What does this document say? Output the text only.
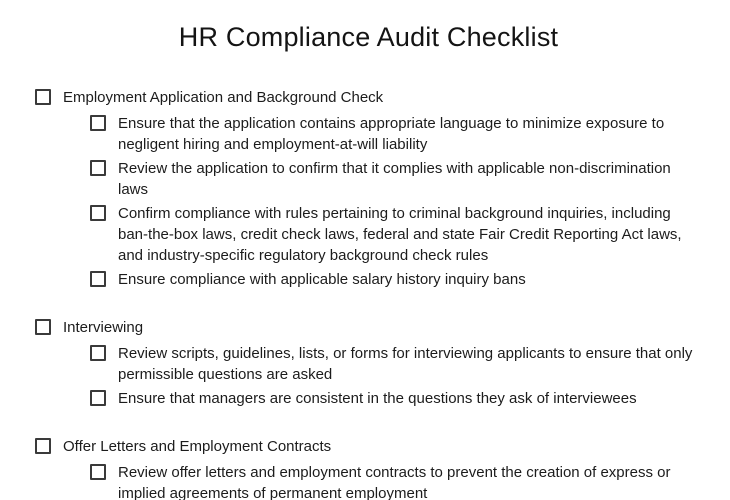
HR Compliance Audit Checklist
Employment Application and Background Check
Ensure that the application contains appropriate language to minimize exposure to negligent hiring and employment-at-will liability
Review the application to confirm that it complies with applicable non-discrimination laws
Confirm compliance with rules pertaining to criminal background inquiries, including ban-the-box laws, credit check laws, federal and state Fair Credit Reporting Act laws, and industry-specific regulatory background check rules
Ensure compliance with applicable salary history inquiry bans
Interviewing
Review scripts, guidelines, lists, or forms for interviewing applicants to ensure that only permissible questions are asked
Ensure that managers are consistent in the questions they ask of interviewees
Offer Letters and Employment Contracts
Review offer letters and employment contracts to prevent the creation of express or implied agreements of permanent employment
